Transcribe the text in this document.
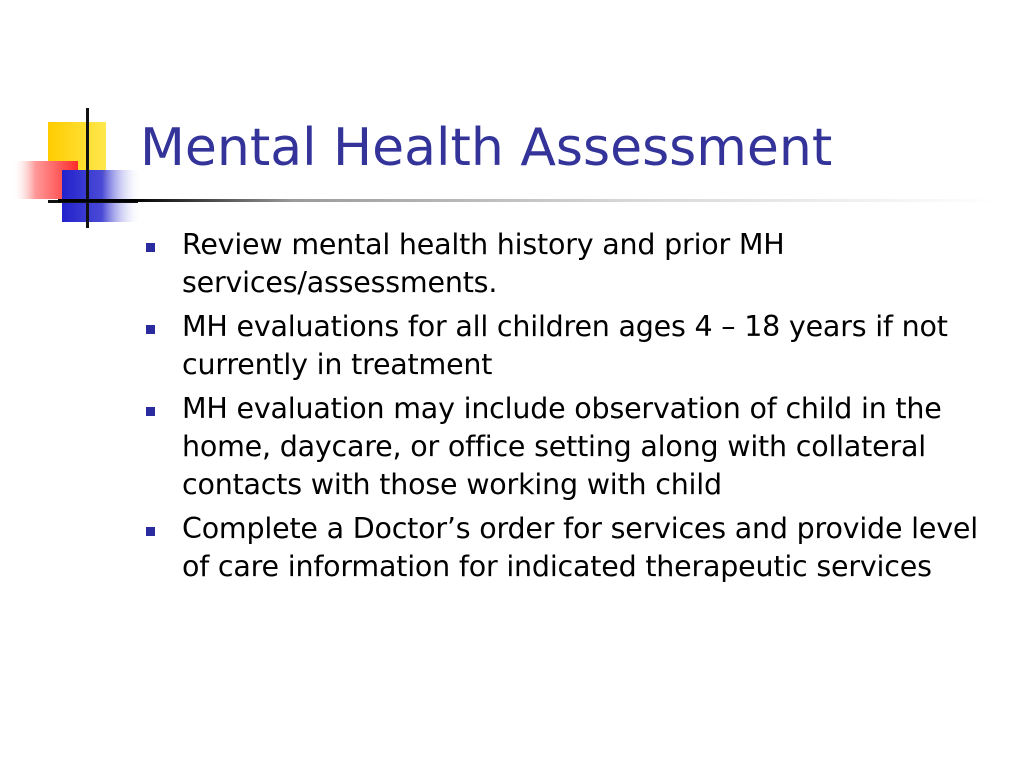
Mental Health Assessment
Review mental health history and prior MH services/assessments.
MH evaluations for all children ages 4 – 18 years if not currently in treatment
MH evaluation may include observation of child in the home, daycare, or office setting along with collateral contacts with those working with child
Complete a Doctor’s order for services and provide level of care information for indicated therapeutic services
